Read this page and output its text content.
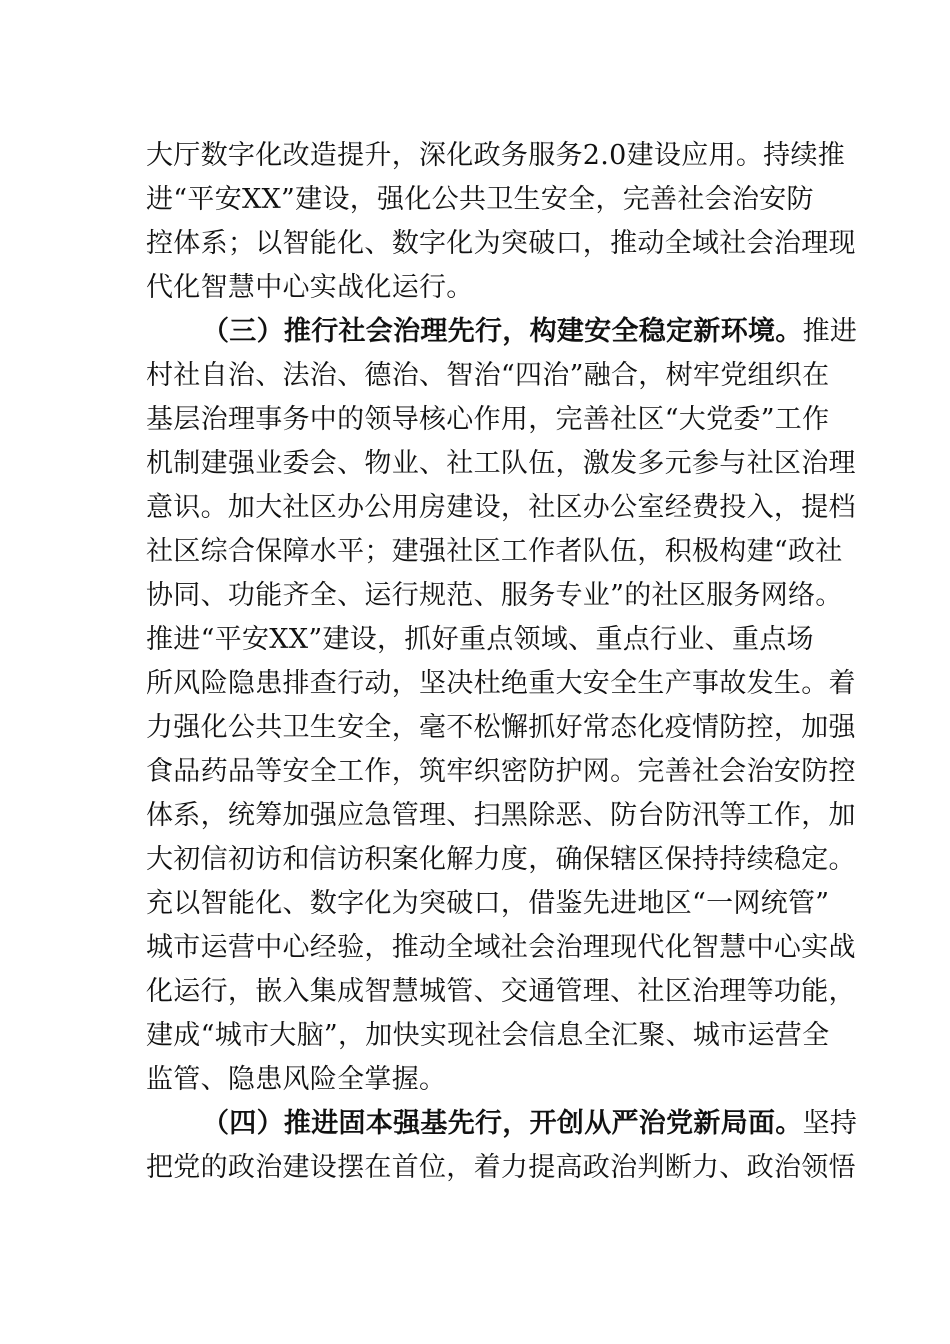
大厅数字化改造提升，深化政务服务2.0建设应用。持续推
进“平安XX”建设，强化公共卫生安全，完善社会治安防
控体系；以智能化、数字化为突破口，推动全域社会治理现
代化智慧中心实战化运行。
（三）推行社会治理先行，构建安全稳定新环境。推进
村社自治、法治、德治、智治“四治”融合，树牢党组织在
基层治理事务中的领导核心作用，完善社区“大党委”工作
机制建强业委会、物业、社工队伍，激发多元参与社区治理
意识。加大社区办公用房建设，社区办公室经费投入，提档
社区综合保障水平；建强社区工作者队伍，积极构建“政社
协同、功能齐全、运行规范、服务专业”的社区服务网络。
推进“平安XX”建设，抓好重点领域、重点行业、重点场
所风险隐患排查行动，坚决杜绝重大安全生产事故发生。着
力强化公共卫生安全，毫不松懈抓好常态化疫情防控，加强
食品药品等安全工作，筑牢织密防护网。完善社会治安防控
体系，统筹加强应急管理、扫黑除恶、防台防汛等工作，加
大初信初访和信访积案化解力度，确保辖区保持持续稳定。
充以智能化、数字化为突破口，借鉴先进地区“一网统管”
城市运营中心经验，推动全域社会治理现代化智慧中心实战
化运行，嵌入集成智慧城管、交通管理、社区治理等功能，
建成“城市大脑”，加快实现社会信息全汇聚、城市运营全
监管、隐患风险全掌握。
（四）推进固本强基先行，开创从严治党新局面。坚持
把党的政治建设摆在首位，着力提高政治判断力、政治领悟
